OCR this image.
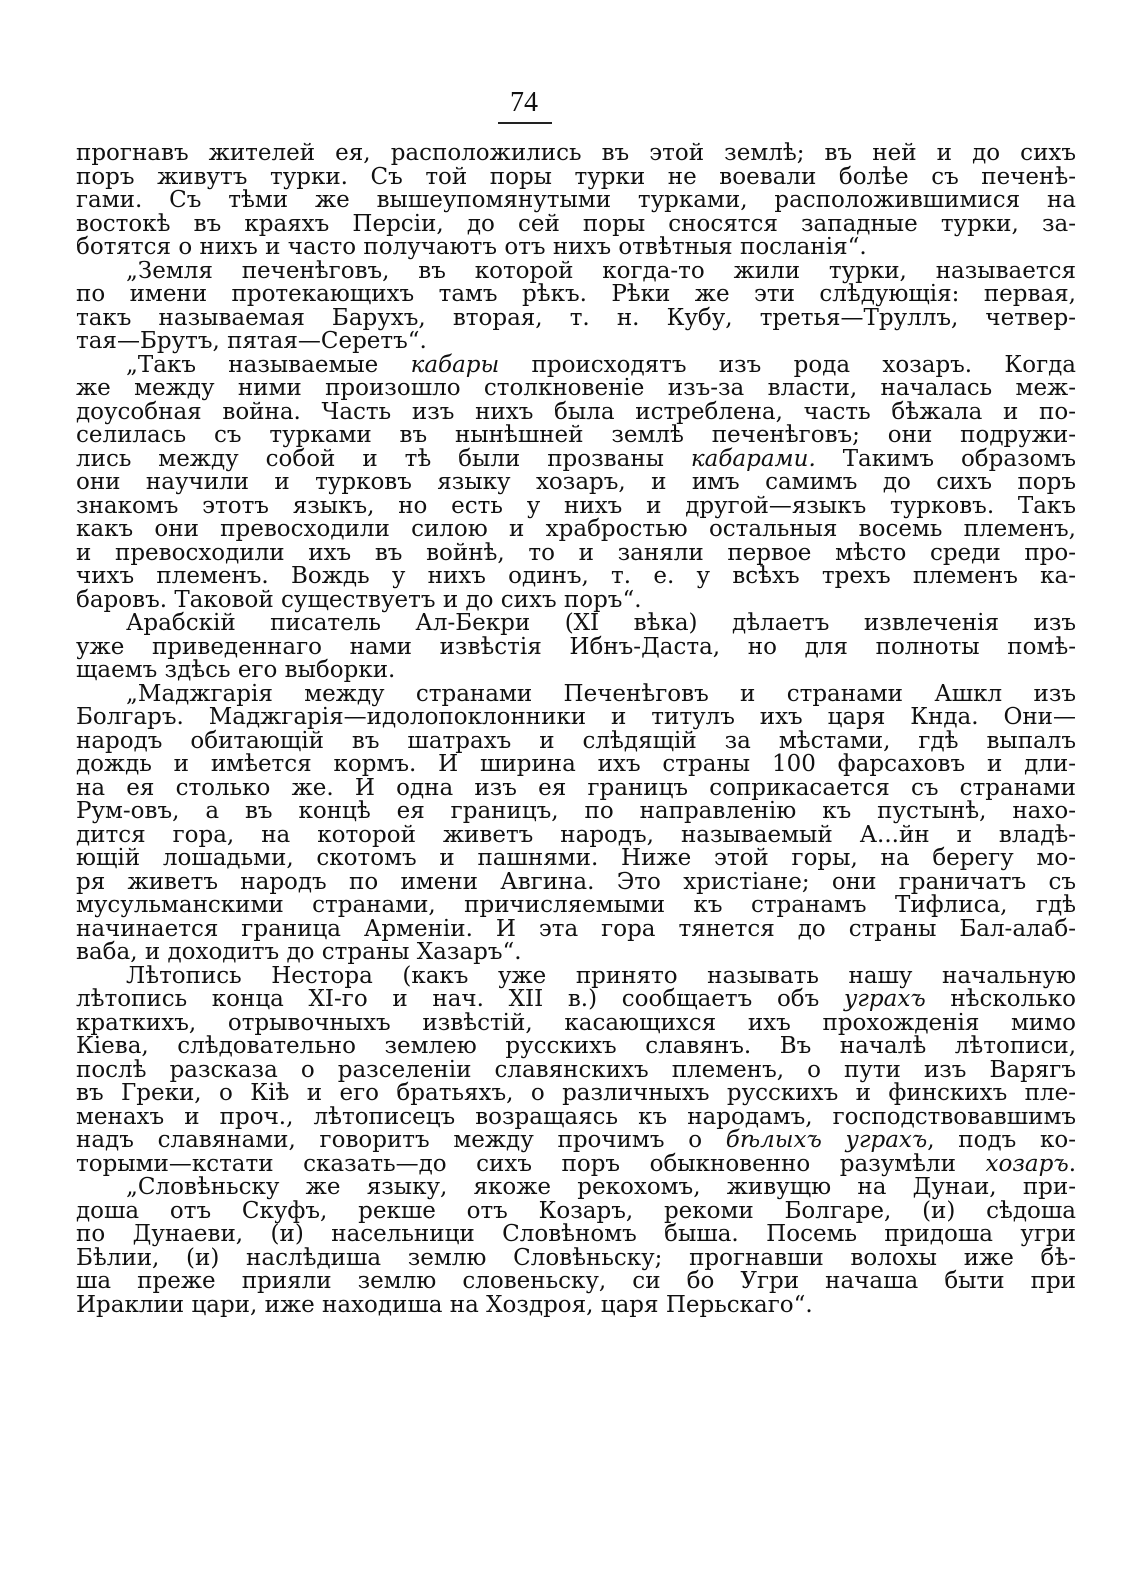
74
прогнавъ жителей ея, расположились въ этой землѣ; въ ней и до сихъ
поръ живутъ турки. Съ той поры турки не воевали болѣе съ печенѣ-
гами. Съ тѣми же вышеупомянутыми турками, расположившимися на
востокѣ въ краяхъ Персіи, до сей поры сносятся западные турки, за-
ботятся о нихъ и часто получаютъ отъ нихъ отвѣтныя посланія“.
„Земля печенѣговъ, въ которой когда-то жили турки, называется
по имени протекающихъ тамъ рѣкъ. Рѣки же эти слѣдующія: первая,
такъ называемая Барухъ, вторая, т. н. Кубу, третья—Труллъ, четвер-
тая—Брутъ, пятая—Серетъ“.
„Такъ называемые кабары происходятъ изъ рода хозаръ. Когда
же между ними произошло столкновеніе изъ-за власти, началась меж-
доусобная война. Часть изъ нихъ была истреблена, часть бѣжала и по-
селилась съ турками въ нынѣшней землѣ печенѣговъ; они подружи-
лись между собой и тѣ были прозваны кабарами. Такимъ образомъ
они научили и турковъ языку хозаръ, и имъ самимъ до сихъ поръ
знакомъ этотъ языкъ, но есть у нихъ и другой—языкъ турковъ. Такъ
какъ они превосходили силою и храбростью остальныя восемь племенъ,
и превосходили ихъ въ войнѣ, то и заняли первое мѣсто среди про-
чихъ племенъ. Вождь у нихъ одинъ, т. е. у всѣхъ трехъ племенъ ка-
баровъ. Таковой существуетъ и до сихъ поръ“.
Арабскій писатель Ал-Бекри (XI вѣка) дѣлаетъ извлеченія изъ
уже приведеннаго нами извѣстія Ибнъ-Даста, но для полноты помѣ-
щаемъ здѣсь его выборки.
„Маджгарія между странами Печенѣговъ и странами Ашкл изъ
Болгаръ. Маджгарія—идолопоклонники и титулъ ихъ царя Кнда. Они—
народъ обитающій въ шатрахъ и слѣдящій за мѣстами, гдѣ выпалъ
дождь и имѣется кормъ. И ширина ихъ страны 100 фарсаховъ и дли-
на ея столько же. И одна изъ ея границъ соприкасается съ странами
Рум-овъ, а въ концѣ ея границъ, по направленію къ пустынѣ, нахо-
дится гора, на которой живетъ народъ, называемый А...йн и владѣ-
ющій лошадьми, скотомъ и пашнями. Ниже этой горы, на берегу мо-
ря живетъ народъ по имени Авгина. Это христіане; они граничатъ съ
мусульманскими странами, причисляемыми къ странамъ Тифлиса, гдѣ
начинается граница Арменіи. И эта гора тянется до страны Бал-алаб-
ваба, и доходитъ до страны Хазаръ“.
Лѣтопись Нестора (какъ уже принято называть нашу начальную
лѣтопись конца XI-го и нач. XII в.) сообщаетъ объ уграхъ нѣсколько
краткихъ, отрывочныхъ извѣстій, касающихся ихъ прохожденія мимо
Кіева, слѣдовательно землею русскихъ славянъ. Въ началѣ лѣтописи,
послѣ разсказа о разселеніи славянскихъ племенъ, о пути изъ Варягъ
въ Греки, о Кіѣ и его братьяхъ, о различныхъ русскихъ и финскихъ пле-
менахъ и проч., лѣтописецъ возращаясь къ народамъ, господствовавшимъ
надъ славянами, говоритъ между прочимъ о бѣлыхъ уграхъ, подъ ко-
торыми—кстати сказать—до сихъ поръ обыкновенно разумѣли хозаръ.
„Словѣньску же языку, якоже рекохомъ, живущю на Дунаи, при-
доша отъ Скуфъ, рекше отъ Козаръ, рекоми Болгаре, (и) сѣдоша
по Дунаеви, (и) насельници Словѣномъ быша. Посемь придоша угри
Бѣлии, (и) наслѣдиша землю Словѣньску; прогнавши волохы иже бѣ-
ша преже прияли землю словеньску, си бо Угри начаша быти при
Ираклии цари, иже находиша на Хоздроя, царя Перьскаго“.
